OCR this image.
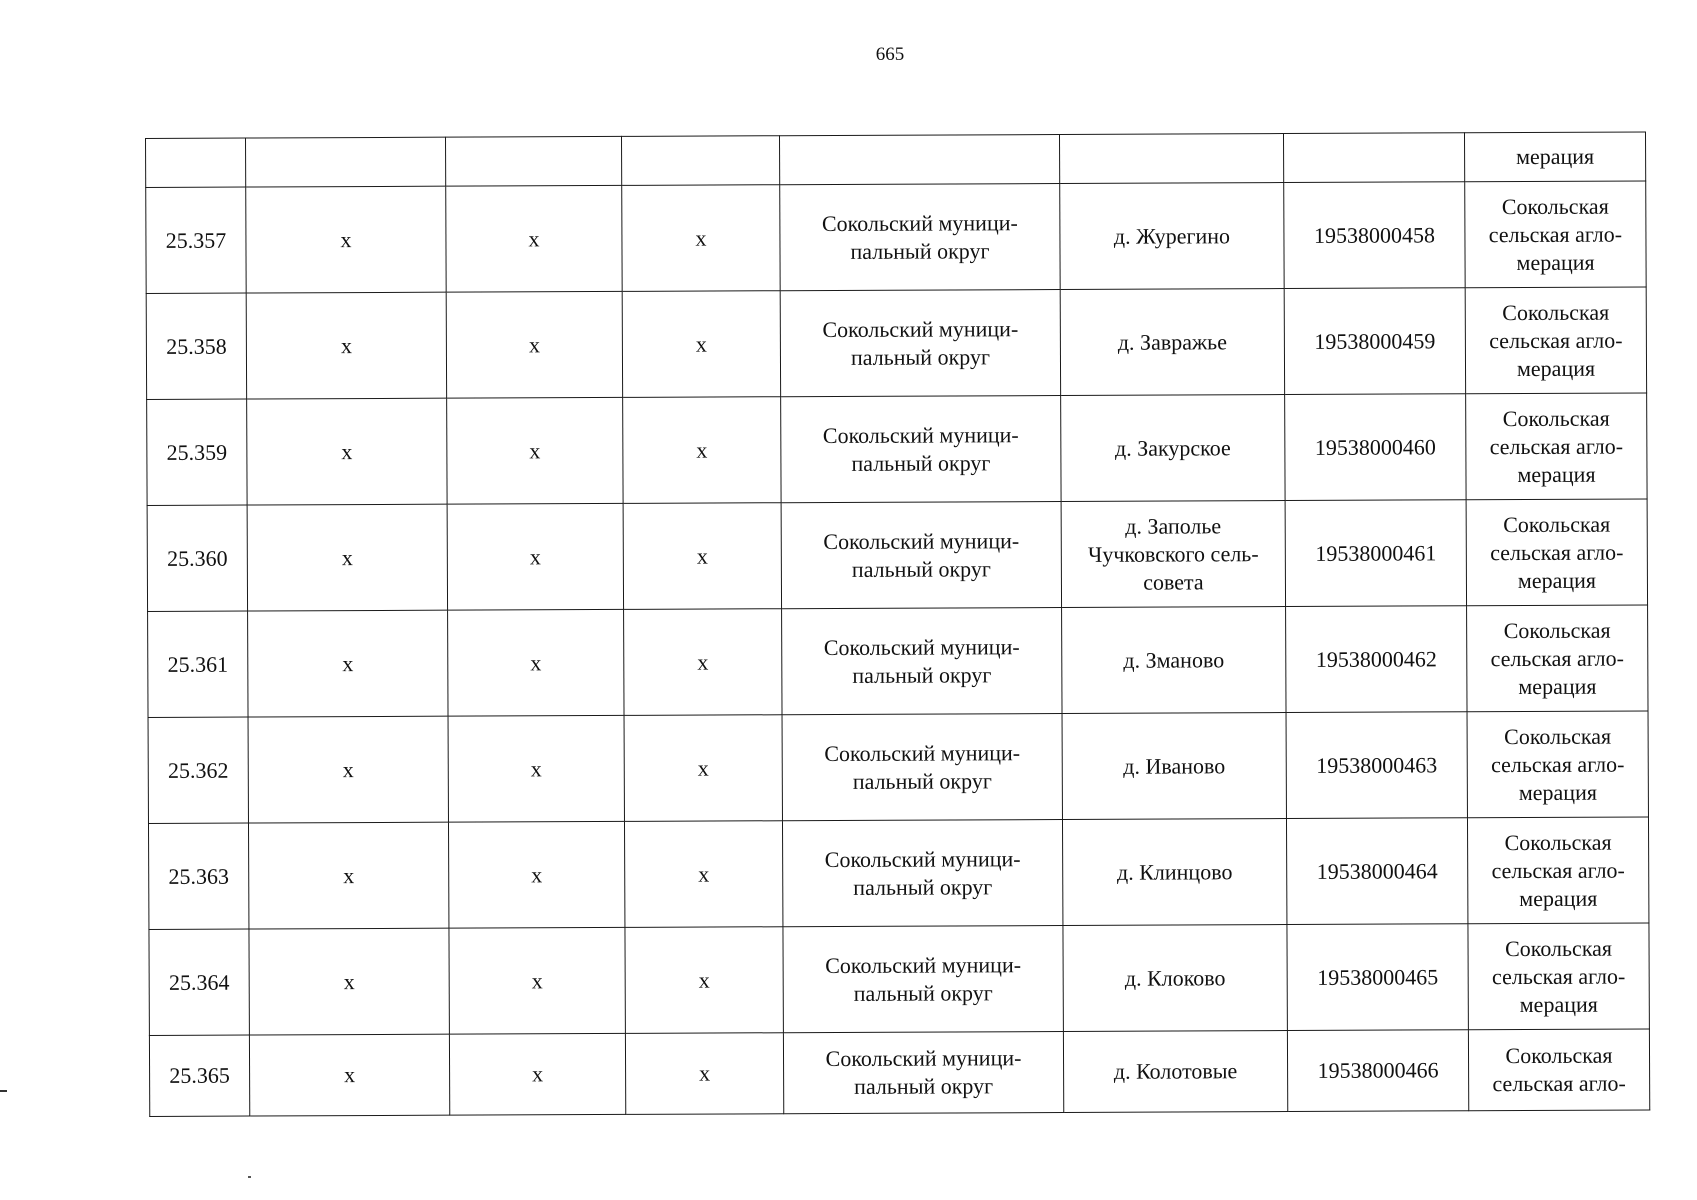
665
							мерация
25.357	x	x	x	Сокольский муници-
пальный округ	д. Журегино	19538000458	Сокольская
сельская агло-
мерация
25.358	x	x	x	Сокольский муници-
пальный округ	д. Завражье	19538000459	Сокольская
сельская агло-
мерация
25.359	x	x	x	Сокольский муници-
пальный округ	д. Закурское	19538000460	Сокольская
сельская агло-
мерация
25.360	x	x	x	Сокольский муници-
пальный округ	д. Заполье
Чучковского сель-
совета	19538000461	Сокольская
сельская агло-
мерация
25.361	x	x	x	Сокольский муници-
пальный округ	д. Зманово	19538000462	Сокольская
сельская агло-
мерация
25.362	x	x	x	Сокольский муници-
пальный округ	д. Иваново	19538000463	Сокольская
сельская агло-
мерация
25.363	x	x	x	Сокольский муници-
пальный округ	д. Клинцово	19538000464	Сокольская
сельская агло-
мерация
25.364	x	x	x	Сокольский муници-
пальный округ	д. Клоково	19538000465	Сокольская
сельская агло-
мерация
25.365	x	x	x	Сокольский муници-
пальный округ	д. Колотовые	19538000466	Сокольская
сельская агло-
